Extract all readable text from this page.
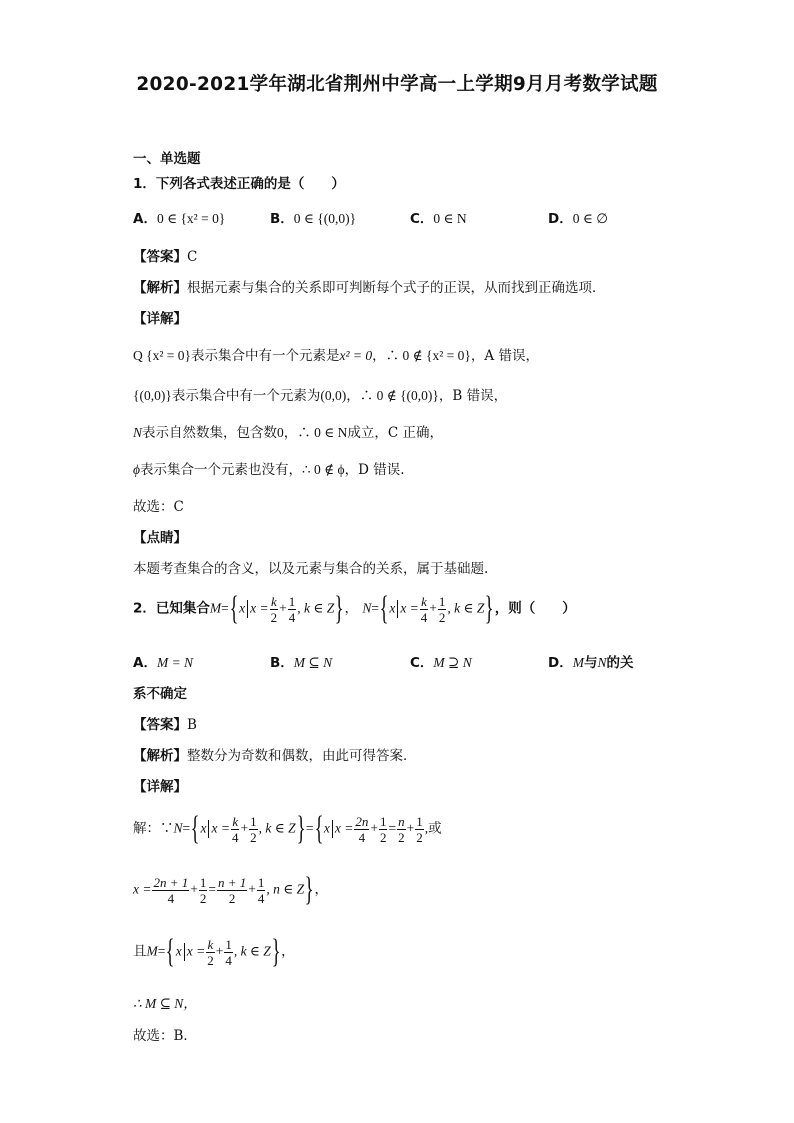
2020-2021学年湖北省荆州中学高一上学期9月月考数学试题
一、单选题
1．下列各式表述正确的是（　　）
A．0 ∈ {x² = 0}	B．0 ∈ {(0,0)}	C．0 ∈ N	D．0 ∈ ∅
【答案】C
【解析】根据元素与集合的关系即可判断每个式子的正误，从而找到正确选项．
【详解】
Q {x² = 0}表示集合中有一个元素是x² = 0，∴ 0 ∉ {x² = 0}，A 错误，
{(0,0)}表示集合中有一个元素为(0,0)，∴ 0 ∉ {(0,0)}，B 错误，
N表示自然数集，包含数0，∴ 0 ∈ N成立，C 正确，
ϕ表示集合一个元素也没有，∴ 0 ∉ ϕ，D 错误.
故选：C
【点睛】
本题考查集合的含义，以及元素与集合的关系，属于基础题.
2．已知集合M={x $x = \frac{k}{2} + \frac{1}{4}$ , k ∈ Z}， N={x $x = \frac{k}{4} + \frac{1}{2}$ , k ∈ Z}，则（　　）
A．M = N	B．M ⊆ N	C．M ⊇ N	D．M与N的关
系不确定
【答案】B
【解析】整数分为奇数和偶数，由此可得答案．
【详解】
解：∵N={x $x = \frac{k}{4} + \frac{1}{2}$ , k ∈ Z}={x $x = \frac{2n}{4} + \frac{1}{2} = \frac{n}{2} + \frac{1}{2}$ ,或
$x = \frac{2n + 1}{4} + \frac{1}{2} = \frac{n + 1}{2} + \frac{1}{4}$ , n ∈ Z}，
且M={x $x = \frac{k}{2} + \frac{1}{4}$ , k ∈ Z}，
∴ M ⊆ N，
故选：B．
